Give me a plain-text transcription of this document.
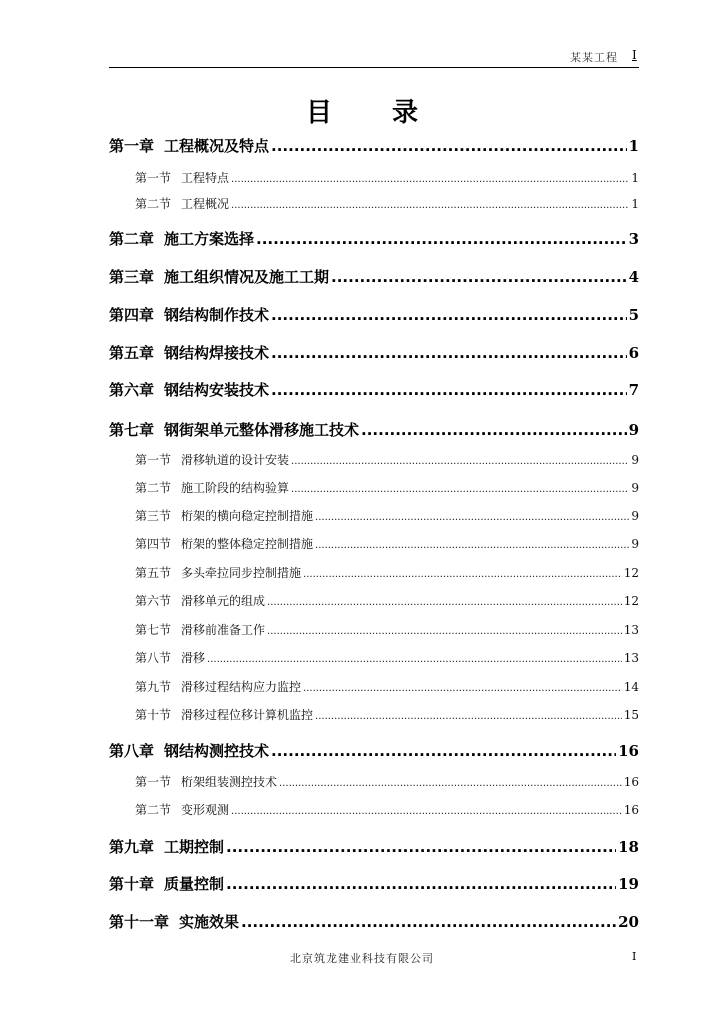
某某工程 I
目录
第一章 工程概况及特点 .....	1
第一节 工程特点 .....	1
第二节 工程概况 .....	1
第二章 施工方案选择 .....	3
第三章 施工组织情况及施工工期 .....	4
第四章 钢结构制作技术 .....	5
第五章 钢结构焊接技术 .....	6
第六章 钢结构安装技术 .....	7
第七章 钢街架单元整体滑移施工技术 .....	9
第一节 滑移轨道的设计安装 .....	9
第二节 施工阶段的结构验算 .....	9
第三节 桁架的横向稳定控制措施 .....	9
第四节 桁架的整体稳定控制措施 .....	9
第五节 多头牵拉同步控制措施 .....	12
第六节 滑移单元的组成 .....	12
第七节 滑移前准备工作 .....	13
第八节 滑移 .....	13
第九节 滑移过程结构应力监控 .....	14
第十节 滑移过程位移计算机监控 .....	15
第八章 钢结构测控技术 .....	16
第一节 桁架组装测控技术 .....	16
第二节 变形观测 .....	16
第九章 工期控制 .....	18
第十章 质量控制 .....	19
第十一章 实施效果 .....	20
北京筑龙建业科技有限公司	I
